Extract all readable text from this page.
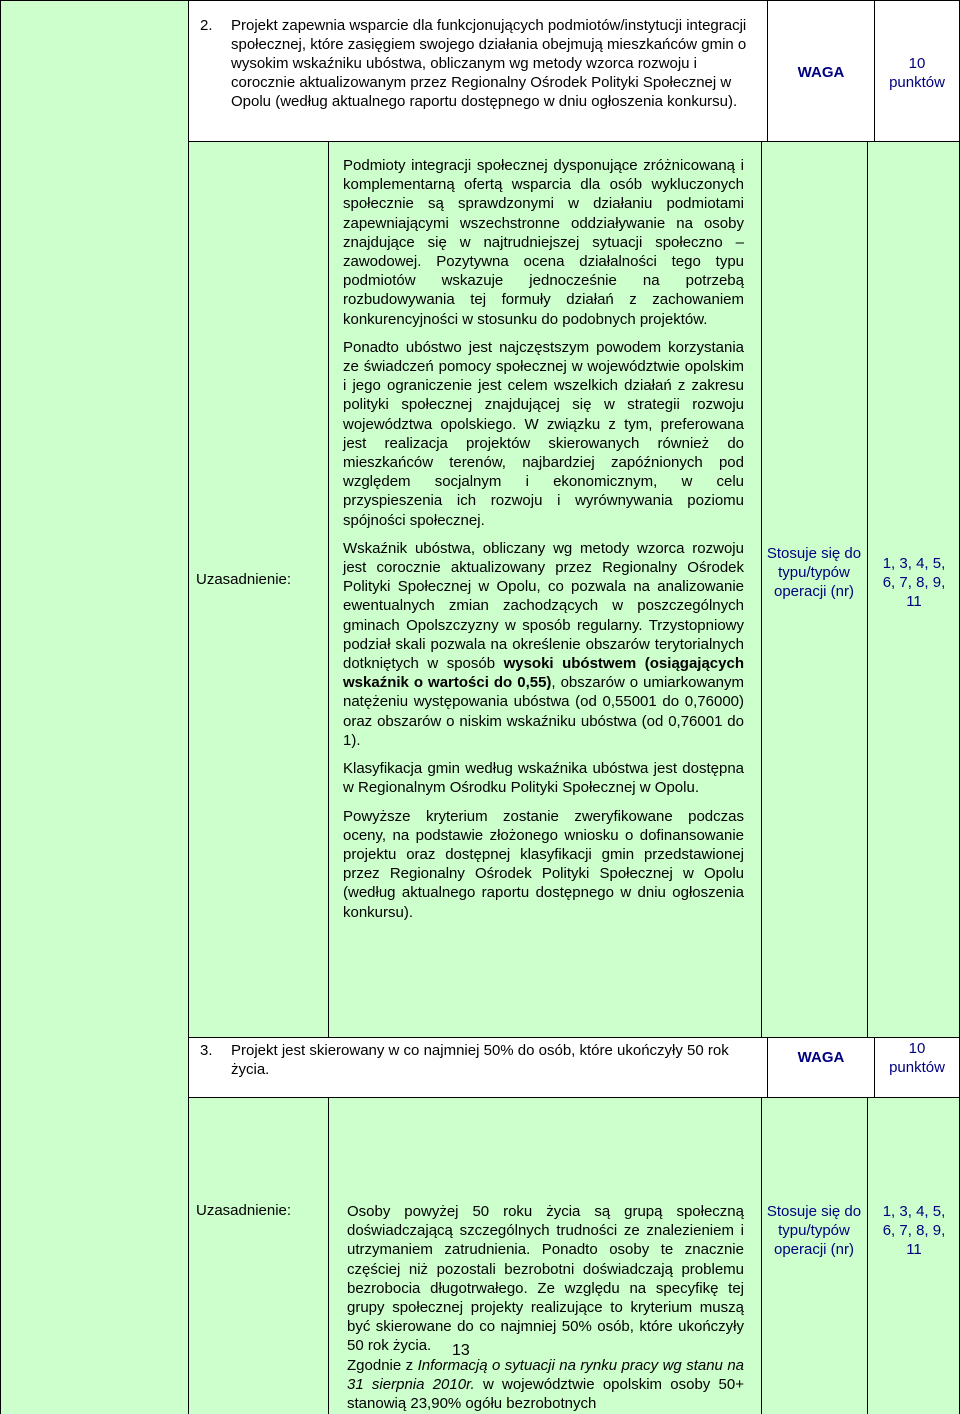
2. Projekt zapewnia wsparcie dla funkcjonujących podmiotów/instytucji integracji społecznej, które zasięgiem swojego działania obejmują mieszkańców gmin o wysokim wskaźniku ubóstwa, obliczanym wg metody wzorca rozwoju i corocznie aktualizowanym przez Regionalny Ośrodek Polityki Społecznej w Opolu (według aktualnego raportu dostępnego w dniu ogłoszenia konkursu).
WAGA
10
punktów
Uzasadnienie:
Podmioty integracji społecznej dysponujące zróżnicowaną i komplementarną ofertą wsparcia dla osób wykluczonych społecznie są sprawdzonymi w działaniu podmiotami zapewniającymi wszechstronne oddziaływanie na osoby znajdujące się w najtrudniejszej sytuacji społeczno – zawodowej. Pozytywna ocena działalności tego typu podmiotów wskazuje jednocześnie na potrzebą rozbudowywania tej formuły działań z zachowaniem konkurencyjności w stosunku do podobnych projektów.
Ponadto ubóstwo jest najczęstszym powodem korzystania ze świadczeń pomocy społecznej w województwie opolskim i jego ograniczenie jest celem wszelkich działań z zakresu polityki społecznej znajdującej się w strategii rozwoju województwa opolskiego. W związku z tym, preferowana jest realizacja projektów skierowanych również do mieszkańców terenów, najbardziej zapóźnionych pod względem socjalnym i ekonomicznym, w celu przyspieszenia ich rozwoju i wyrównywania poziomu spójności społecznej.
Wskaźnik ubóstwa, obliczany wg metody wzorca rozwoju jest corocznie aktualizowany przez Regionalny Ośrodek Polityki Społecznej w Opolu, co pozwala na analizowanie ewentualnych zmian zachodzących w poszczególnych gminach Opolszczyzny w sposób regularny. Trzystopniowy podział skali pozwala na określenie obszarów terytorialnych dotkniętych w sposób wysoki ubóstwem (osiągających wskaźnik o wartości do 0,55), obszarów o umiarkowanym natężeniu występowania ubóstwa (od 0,55001 do 0,76000) oraz obszarów o niskim wskaźniku ubóstwa (od 0,76001 do 1).
Klasyfikacja gmin według wskaźnika ubóstwa jest dostępna w Regionalnym Ośrodku Polityki Społecznej w Opolu.
Powyższe kryterium zostanie zweryfikowane podczas oceny, na podstawie złożonego wniosku o dofinansowanie projektu oraz dostępnej klasyfikacji gmin przedstawionej przez Regionalny Ośrodek Polityki Społecznej w Opolu (według aktualnego raportu dostępnego w dniu ogłoszenia konkursu).
Stosuje się do typu/typów operacji (nr)
1, 3, 4, 5, 6, 7, 8, 9, 11
3. Projekt jest skierowany w co najmniej 50% do osób, które ukończyły 50 rok życia.
WAGA
10
punktów
Uzasadnienie:	Osoby powyżej 50 roku życia są grupą społeczną doświadczającą szczególnych trudności ze znalezieniem i utrzymaniem zatrudnienia. Ponadto osoby te znacznie częściej niż pozostali bezrobotni doświadczają problemu bezrobocia długotrwałego. Ze względu na specyfikę tej grupy społecznej projekty realizujące to kryterium muszą być skierowane do co najmniej 50% osób, które ukończyły 50 rok życia.
Zgodnie z Informacją o sytuacji na rynku pracy wg stanu na 31 sierpnia 2010r. w województwie opolskim osoby 50+ stanowią 23,90% ogółu bezrobotnych
Stosuje się do typu/typów operacji (nr)
1, 3, 4, 5, 6, 7, 8, 9, 11
13
